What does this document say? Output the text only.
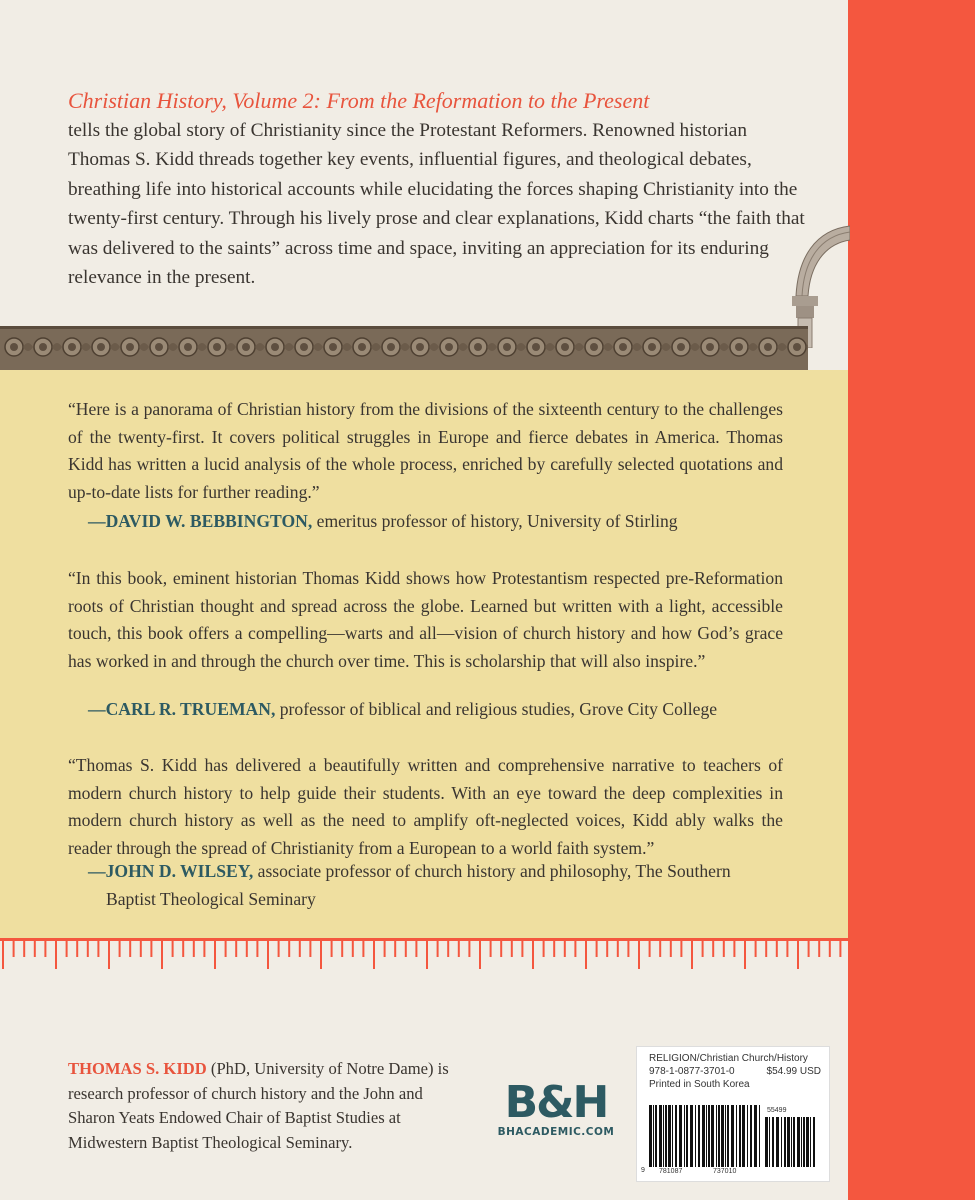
Christian History, Volume 2: From the Reformation to the Present
tells the global story of Christianity since the Protestant Reformers. Renowned historian Thomas S. Kidd threads together key events, influential figures, and theological debates, breathing life into historical accounts while elucidating the forces shaping Christianity into the twenty-first century. Through his lively prose and clear explanations, Kidd charts “the faith that was delivered to the saints” across time and space, inviting an appreciation for its enduring relevance in the present.

“Here is a panorama of Christian history from the divisions of the sixteenth century to the challenges of the twenty-first. It covers political struggles in Europe and fierce debates in America. Thomas Kidd has written a lucid analysis of the whole process, enriched by carefully selected quotations and up-to-date lists for further reading.”

—DAVID W. BEBBINGTON, emeritus professor of history, University of Stirling

“In this book, eminent historian Thomas Kidd shows how Protestantism respected pre-Reformation roots of Christian thought and spread across the globe. Learned but written with a light, accessible touch, this book offers a compelling—warts and all—vision of church history and how God’s grace has worked in and through the church over time. This is scholarship that will also inspire.”

—CARL R. TRUEMAN, professor of biblical and religious studies, Grove City College

“Thomas S. Kidd has delivered a beautifully written and comprehensive narrative to teachers of modern church history to help guide their students. With an eye toward the deep complexities in modern church history as well as the need to amplify oft-neglected voices, Kidd ably walks the reader through the spread of Christianity from a European to a world faith system.”

—JOHN D. WILSEY, associate professor of church history and philosophy, The Southern
Baptist Theological Seminary
THOMAS S. KIDD (PhD, University of Notre Dame) is research professor of church history and the John and Sharon Yeats Endowed Chair of Baptist Studies at Midwestern Baptist Theological Seminary.
B&H
BHACADEMIC.COM
RELIGION/Christian Church/History
978-1-0877-3701-0	$54.99 USD
Printed in South Korea
55499
9 781087	737010
